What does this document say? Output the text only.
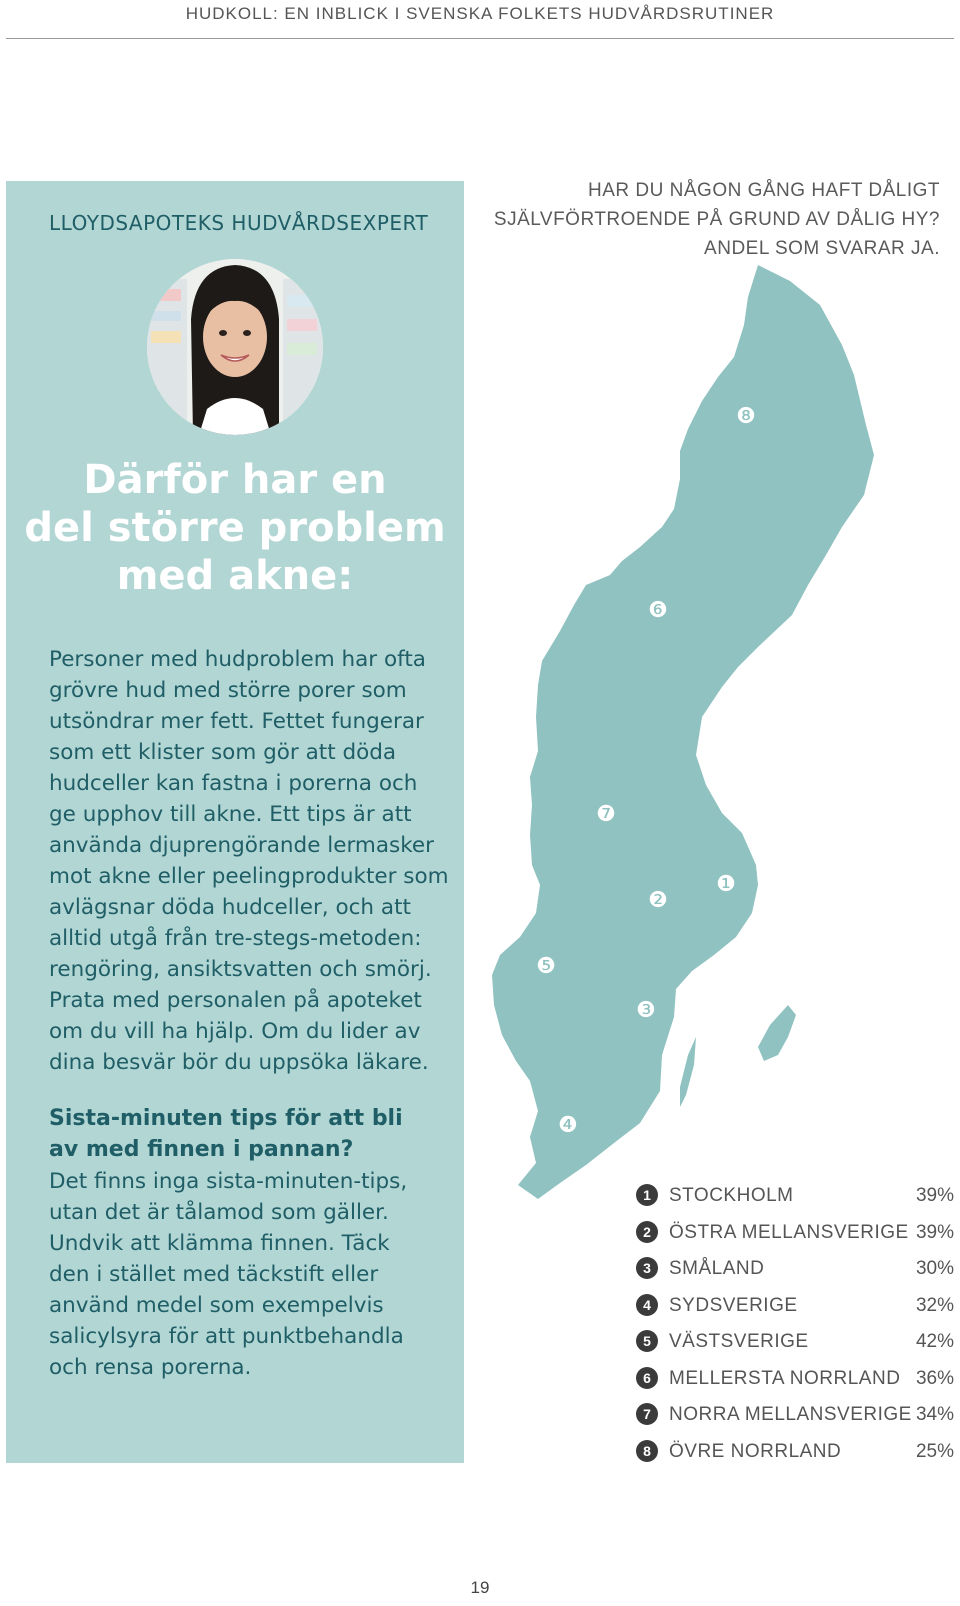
HUDKOLL: EN INBLICK I SVENSKA FOLKETS HUDVÅRDSRUTINER
LLOYDSAPOTEKS HUDVÅRDSEXPERT
Därför har en
del större problem
med akne:
Personer med hudproblem har ofta
grövre hud med större porer som
utsöndrar mer fett. Fettet fungerar
som ett klister som gör att döda
hudceller kan fastna i porerna och
ge upphov till akne. Ett tips är att
använda djuprengörande lermasker
mot akne eller peelingprodukter som
avlägsnar döda hudceller, och att
alltid utgå från tre-stegs-metoden:
rengöring, ansiktsvatten och smörj.
Prata med personalen på apoteket
om du vill ha hjälp. Om du lider av
dina besvär bör du uppsöka läkare.
Sista-minuten tips för att bli
av med finnen i pannan?
Det finns inga sista-minuten-tips,
utan det är tålamod som gäller.
Undvik att klämma finnen. Täck
den i stället med täckstift eller
använd medel som exempelvis
salicylsyra för att punktbehandla
och rensa porerna.
HAR DU NÅGON GÅNG HAFT DÅLIGT
SJÄLVFÖRTROENDE PÅ GRUND AV DÅLIG HY?
ANDEL SOM SVARAR JA.
❽
❻
❼
❶
❷
❺
❸
❹
1 STOCKHOLM	39%
2 ÖSTRA MELLANSVERIGE 39%
3 SMÅLAND	30%
4 SYDSVERIGE	32%
5 VÄSTSVERIGE	42%
6 MELLERSTA NORRLAND 36%
7 NORRA MELLANSVERIGE 34%
8 ÖVRE NORRLAND	25%
19
